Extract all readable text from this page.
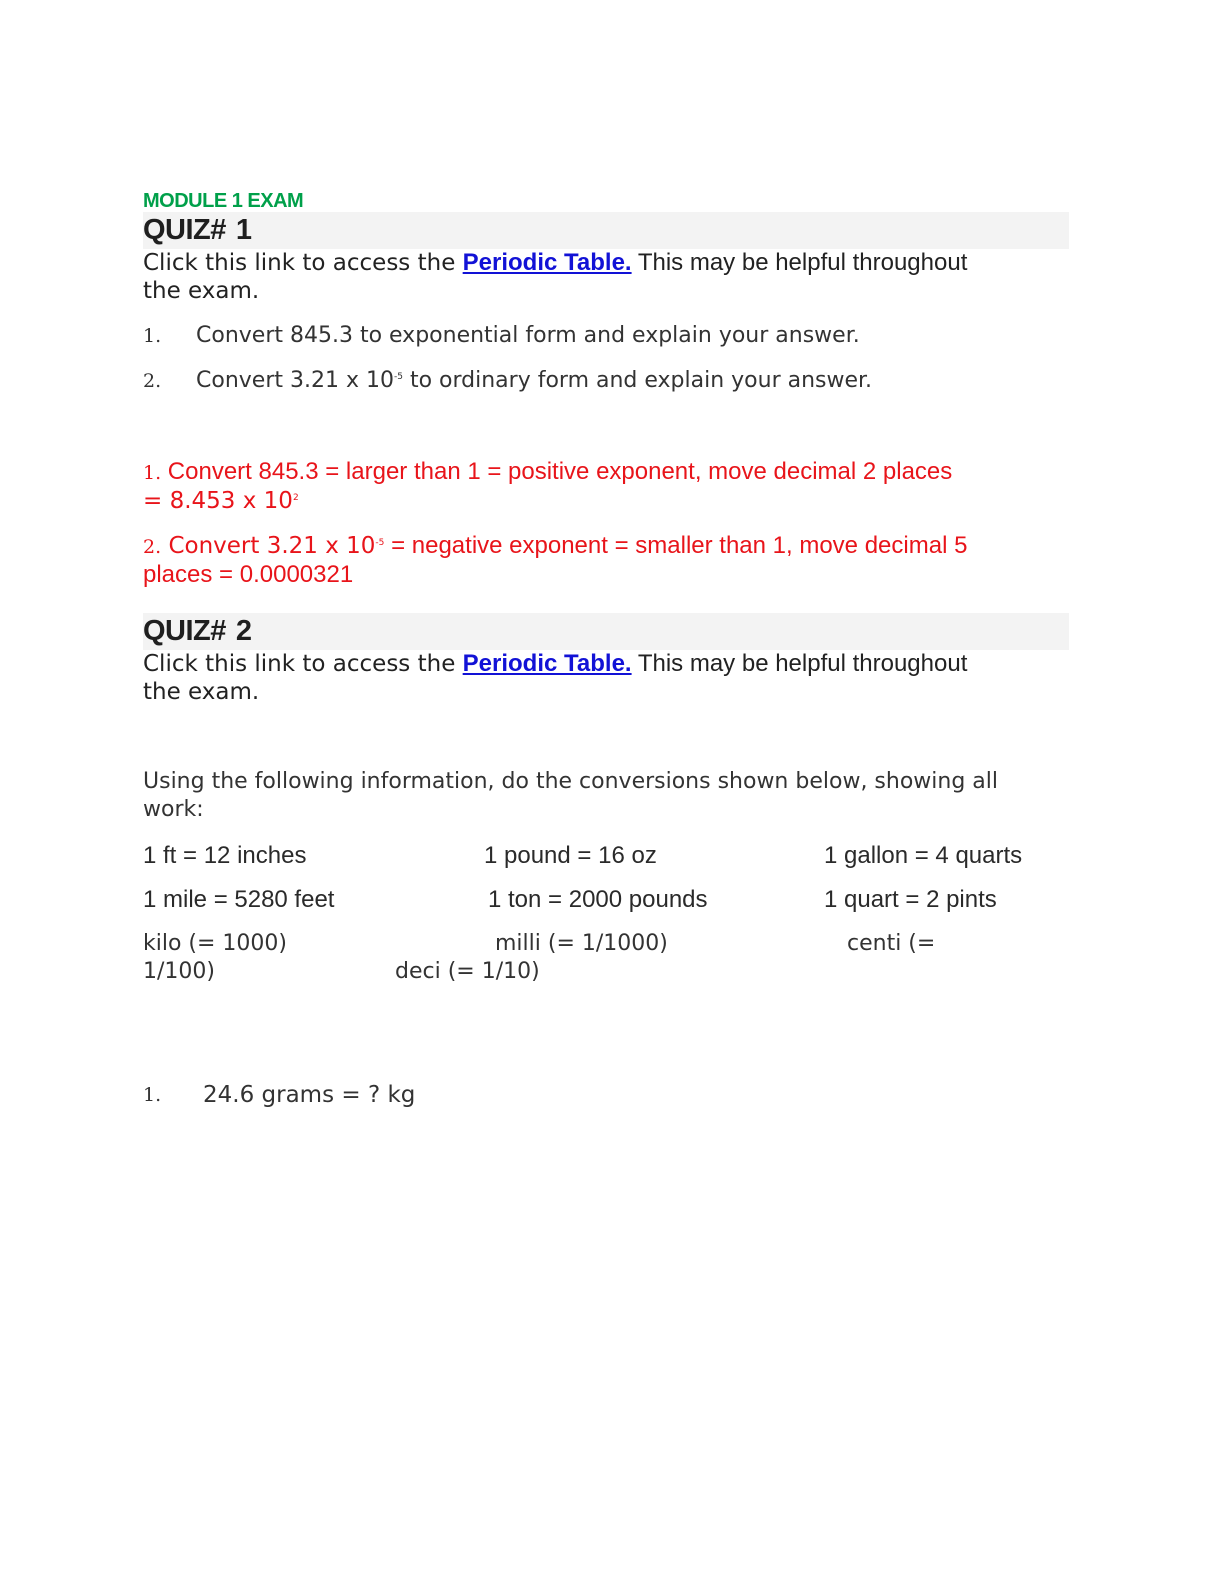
MODULE 1 EXAM
QUIZ# 1

Click this link to access the Periodic Table. This may be helpful throughout
the exam.

1.	Convert 845.3 to exponential form and explain your answer.
2.	Convert 3.21 x $10^{-5}$ to ordinary form and explain your answer.

1. Convert 845.3 = larger than 1 = positive exponent, move decimal 2 places
= 8.453 x $10^2$

2. Convert 3.21 x $10^{-5}$ = negative exponent = smaller than 1, move decimal 5
places = 0.0000321

QUIZ# 2

Click this link to access the Periodic Table. This may be helpful throughout
the exam.

Using the following information, do the conversions shown below, showing all
work:

1 ft = 12 inches	1 pound = 16 oz	1 gallon = 4 quarts
1 mile = 5280 feet	1 ton = 2000 pounds	1 quart = 2 pints
kilo (= 1000)	milli (= 1/1000)	centi (=
1/100)	deci (= 1/10)
1.	24.6 grams = ? kg
